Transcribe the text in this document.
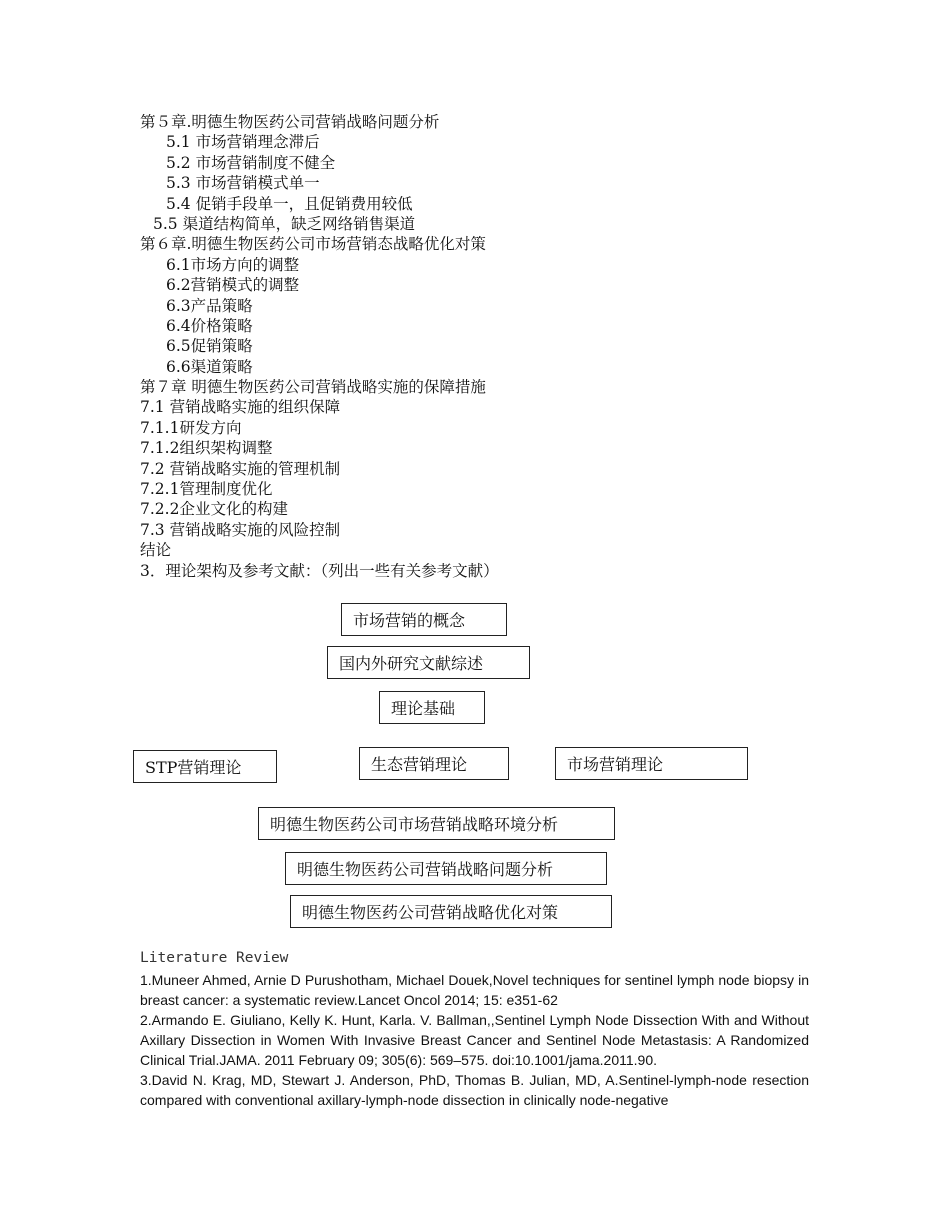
第５章.明德生物医药公司营销战略问题分析
5.1 市场营销理念滞后
5.2 市场营销制度不健全
5.3 市场营销模式单一
5.4 促销手段单一，且促销费用较低
5.5 渠道结构简单，缺乏网络销售渠道
第６章.明德生物医药公司市场营销态战略优化对策
6.1市场方向的调整
6.2营销模式的调整
6.3产品策略
6.4价格策略
6.5促销策略
6.6渠道策略
第７章 明德生物医药公司营销战略实施的保障措施
7.1 营销战略实施的组织保障
7.1.1研发方向
7.1.2组织架构调整
7.2 营销战略实施的管理机制
7.2.1管理制度优化
7.2.2企业文化的构建
7.3 营销战略实施的风险控制
结论
3．理论架构及参考文献：（列出一些有关参考文献）
市场营销的概念
国内外研究文献综述
理论基础
STP营销理论	生态营销理论	市场营销理论
明德生物医药公司市场营销战略环境分析
明德生物医药公司营销战略问题分析
明德生物医药公司营销战略优化对策
Literature Review

1.Muneer Ahmed, Arnie D Purushotham, Michael Douek,Novel techniques for sentinel lymph node biopsy in breast cancer: a systematic review.Lancet Oncol 2014; 15: e351-62

2.Armando E. Giuliano, Kelly K. Hunt, Karla. V. Ballman,,Sentinel Lymph Node Dissection With and Without Axillary Dissection in Women With Invasive Breast Cancer and Sentinel Node Metastasis: A Randomized Clinical Trial.JAMA. 2011 February 09; 305(6): 569–575. doi:10.1001/jama.2011.90.

3.David N. Krag, MD, Stewart J. Anderson, PhD, Thomas B. Julian, MD, A.Sentinel-lymph-node resection compared with conventional axillary-lymph-node dissection in clinically node-negative
